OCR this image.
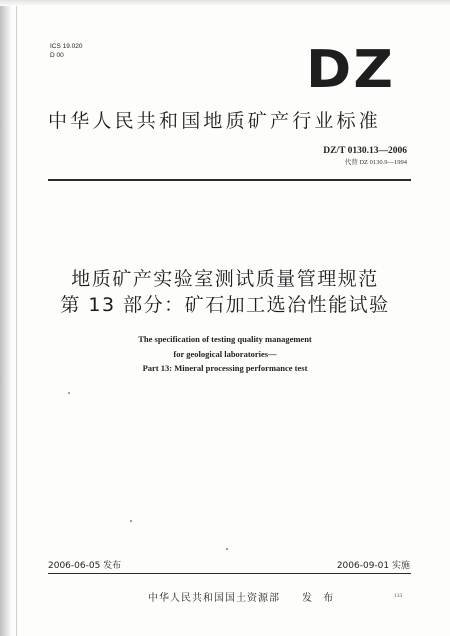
ICS 19.020
D 00	DZ
中华人民共和国地质矿产行业标准
DZ/T 0130.13—2006
代替 DZ 0130.9—1994
地质矿产实验室测试质量管理规范
第 13 部分：矿石加工选冶性能试验
The specification of testing quality management
for geological laboratories—
Part 13: Mineral processing performance test
2006-06-05 发布	2006-09-01 实施
中华人民共和国国土资源部 发 布	133
